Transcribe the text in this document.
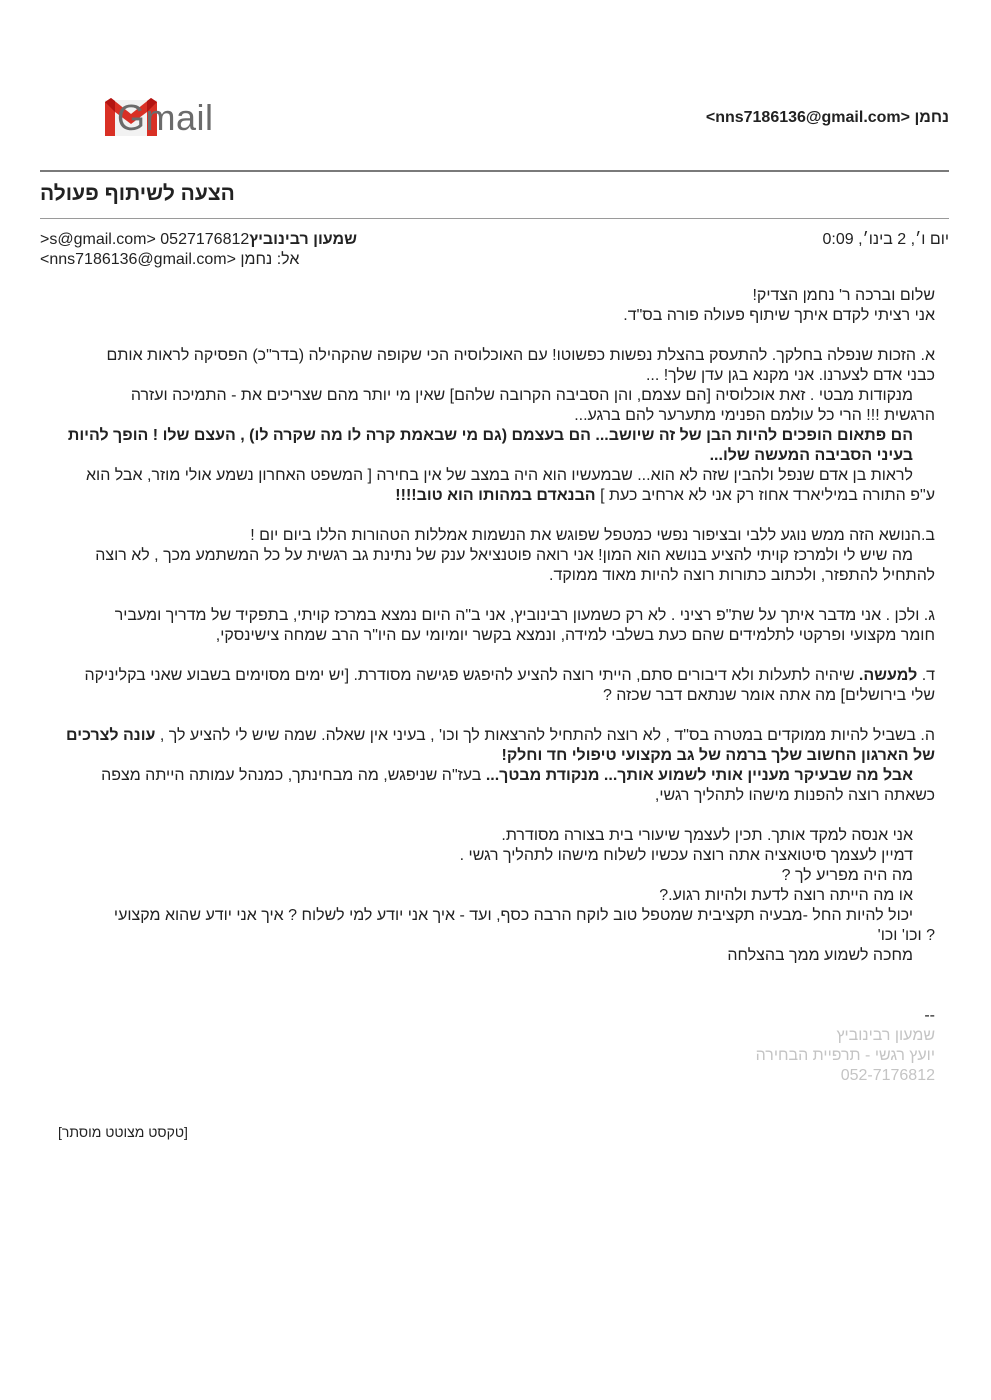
Gmail	נחמן <nns7186136@gmail.com>
הצעה לשיתוף פעולה
שמעון רבינוביץs@gmail.com> 0527176812<
אל: נחמן <nns7186136@gmail.com>
יום ו׳, 2 בינו׳, 0:09

שלום וברכה ר' נחמן הצדיק!

אני רציתי לקדם איתך שיתוף פעולה פורה בס"ד.

א. הזכות שנפלה בחלקך. להתעסק בהצלת נפשות כפשוטו! עם האוכלוסיה הכי שקופה שהקהילה (בדר"כ) הפסיקה לראות אותם

כבני אדם לצערנו. אני מקנא בגן עדן שלך! ...

מנקודות מבטי . זאת אוכלוסיה [הם עצמם, והן הסביבה הקרובה שלהם] שאין מי יותר מהם שצריכים את - התמיכה ועזרה

הרגשית !!! הרי כל עולמם הפנימי מתערער להם ברגע...

הם פתאום הופכים להיות הבן של זה שיושב... הם בעצמם (גם מי שבאמת קרה לו מה שקרה לו) , העצם שלו ! הופך להיות בעיני הסביבה המעשה שלו...

לראות בן אדם שנפל ולהבין שזה לא הוא... שבמעשיו הוא היה במצב של אין בחירה [ המשפט האחרון נשמע אולי מוזר, אבל הוא

ע"פ התורה במיליארד אחוז רק אני לא ארחיב כעת ] הבנאדם במהותו הוא טוב!!!!

ב.הנושא הזה ממש נוגע ללבי ובציפור נפשי כמטפל שפוגש את הנשמות אמללות הטהורות הללו ביום יום !

מה שיש לי ולמרכז קויתי להציע בנושא הוא המון! אני רואה פוטנציאל ענק של נתינת גב רגשית על כל המשתמע מכך , לא רוצה

להתחיל להתפזר, ולכתוב כתורות רוצה להיות מאוד ממוקד.

ג. ולכן . אני מדבר איתך על שת"פ רציני . לא רק כשמעון רבינוביץ, אני ב"ה היום נמצא במרכז קויתי, בתפקיד של מדריך ומעביר

חומר מקצועי ופרקטי לתלמידים שהם כעת בשלבי למידה, ונמצא בקשר יומיומי עם היו"ר הרב שמחה צישינסקי,

ד. למעשה. שיהיה לתעלות ולא דיבורים סתם, הייתי רוצה להציע להיפגש פגישה מסודרת. [יש ימים מסוימים בשבוע שאני בקליניקה

שלי בירושלים] מה אתה אומר שנתאם דבר שכזה ?

ה. בשביל להיות ממוקדים במטרה בס"ד , לא רוצה להתחיל להרצאות לך וכו' , בעיני אין שאלה. שמה שיש לי להציע לך , עונה לצרכים של הארגון החשוב שלך ברמה של גב מקצועי טיפולי חד וחלק!

אבל מה שבעיקר מעניין אותי לשמוע אותך... מנקודת מבטך... בעז"ה שניפגש, מה מבחינתך, כמנהל עמותה הייתה מצפה

כשאתה רוצה להפנות מישהו לתהליך רגשי,

אני אנסה למקד אותך. תכין לעצמך שיעורי בית בצורה מסודרת.

דמיין לעצמך סיטואציה אתה רוצה עכשיו לשלוח מישהו לתהליך רגשי .

מה היה מפריע לך ?

או מה הייתה רוצה לדעת ולהיות רגוע.?

יכול להיות החל -מבעיה תקציבית שמטפל טוב לוקח הרבה כסף, ועד - איך אני יודע למי לשלוח ? איך אני יודע שהוא מקצועי

? וכו' וכו'

מחכה לשמוע ממך בהצלחה

--

שמעון רבינוביץ

יועץ רגשי - תרפיית הבחירה

052-7176812

[טקסט מצוטט מוסתר]
